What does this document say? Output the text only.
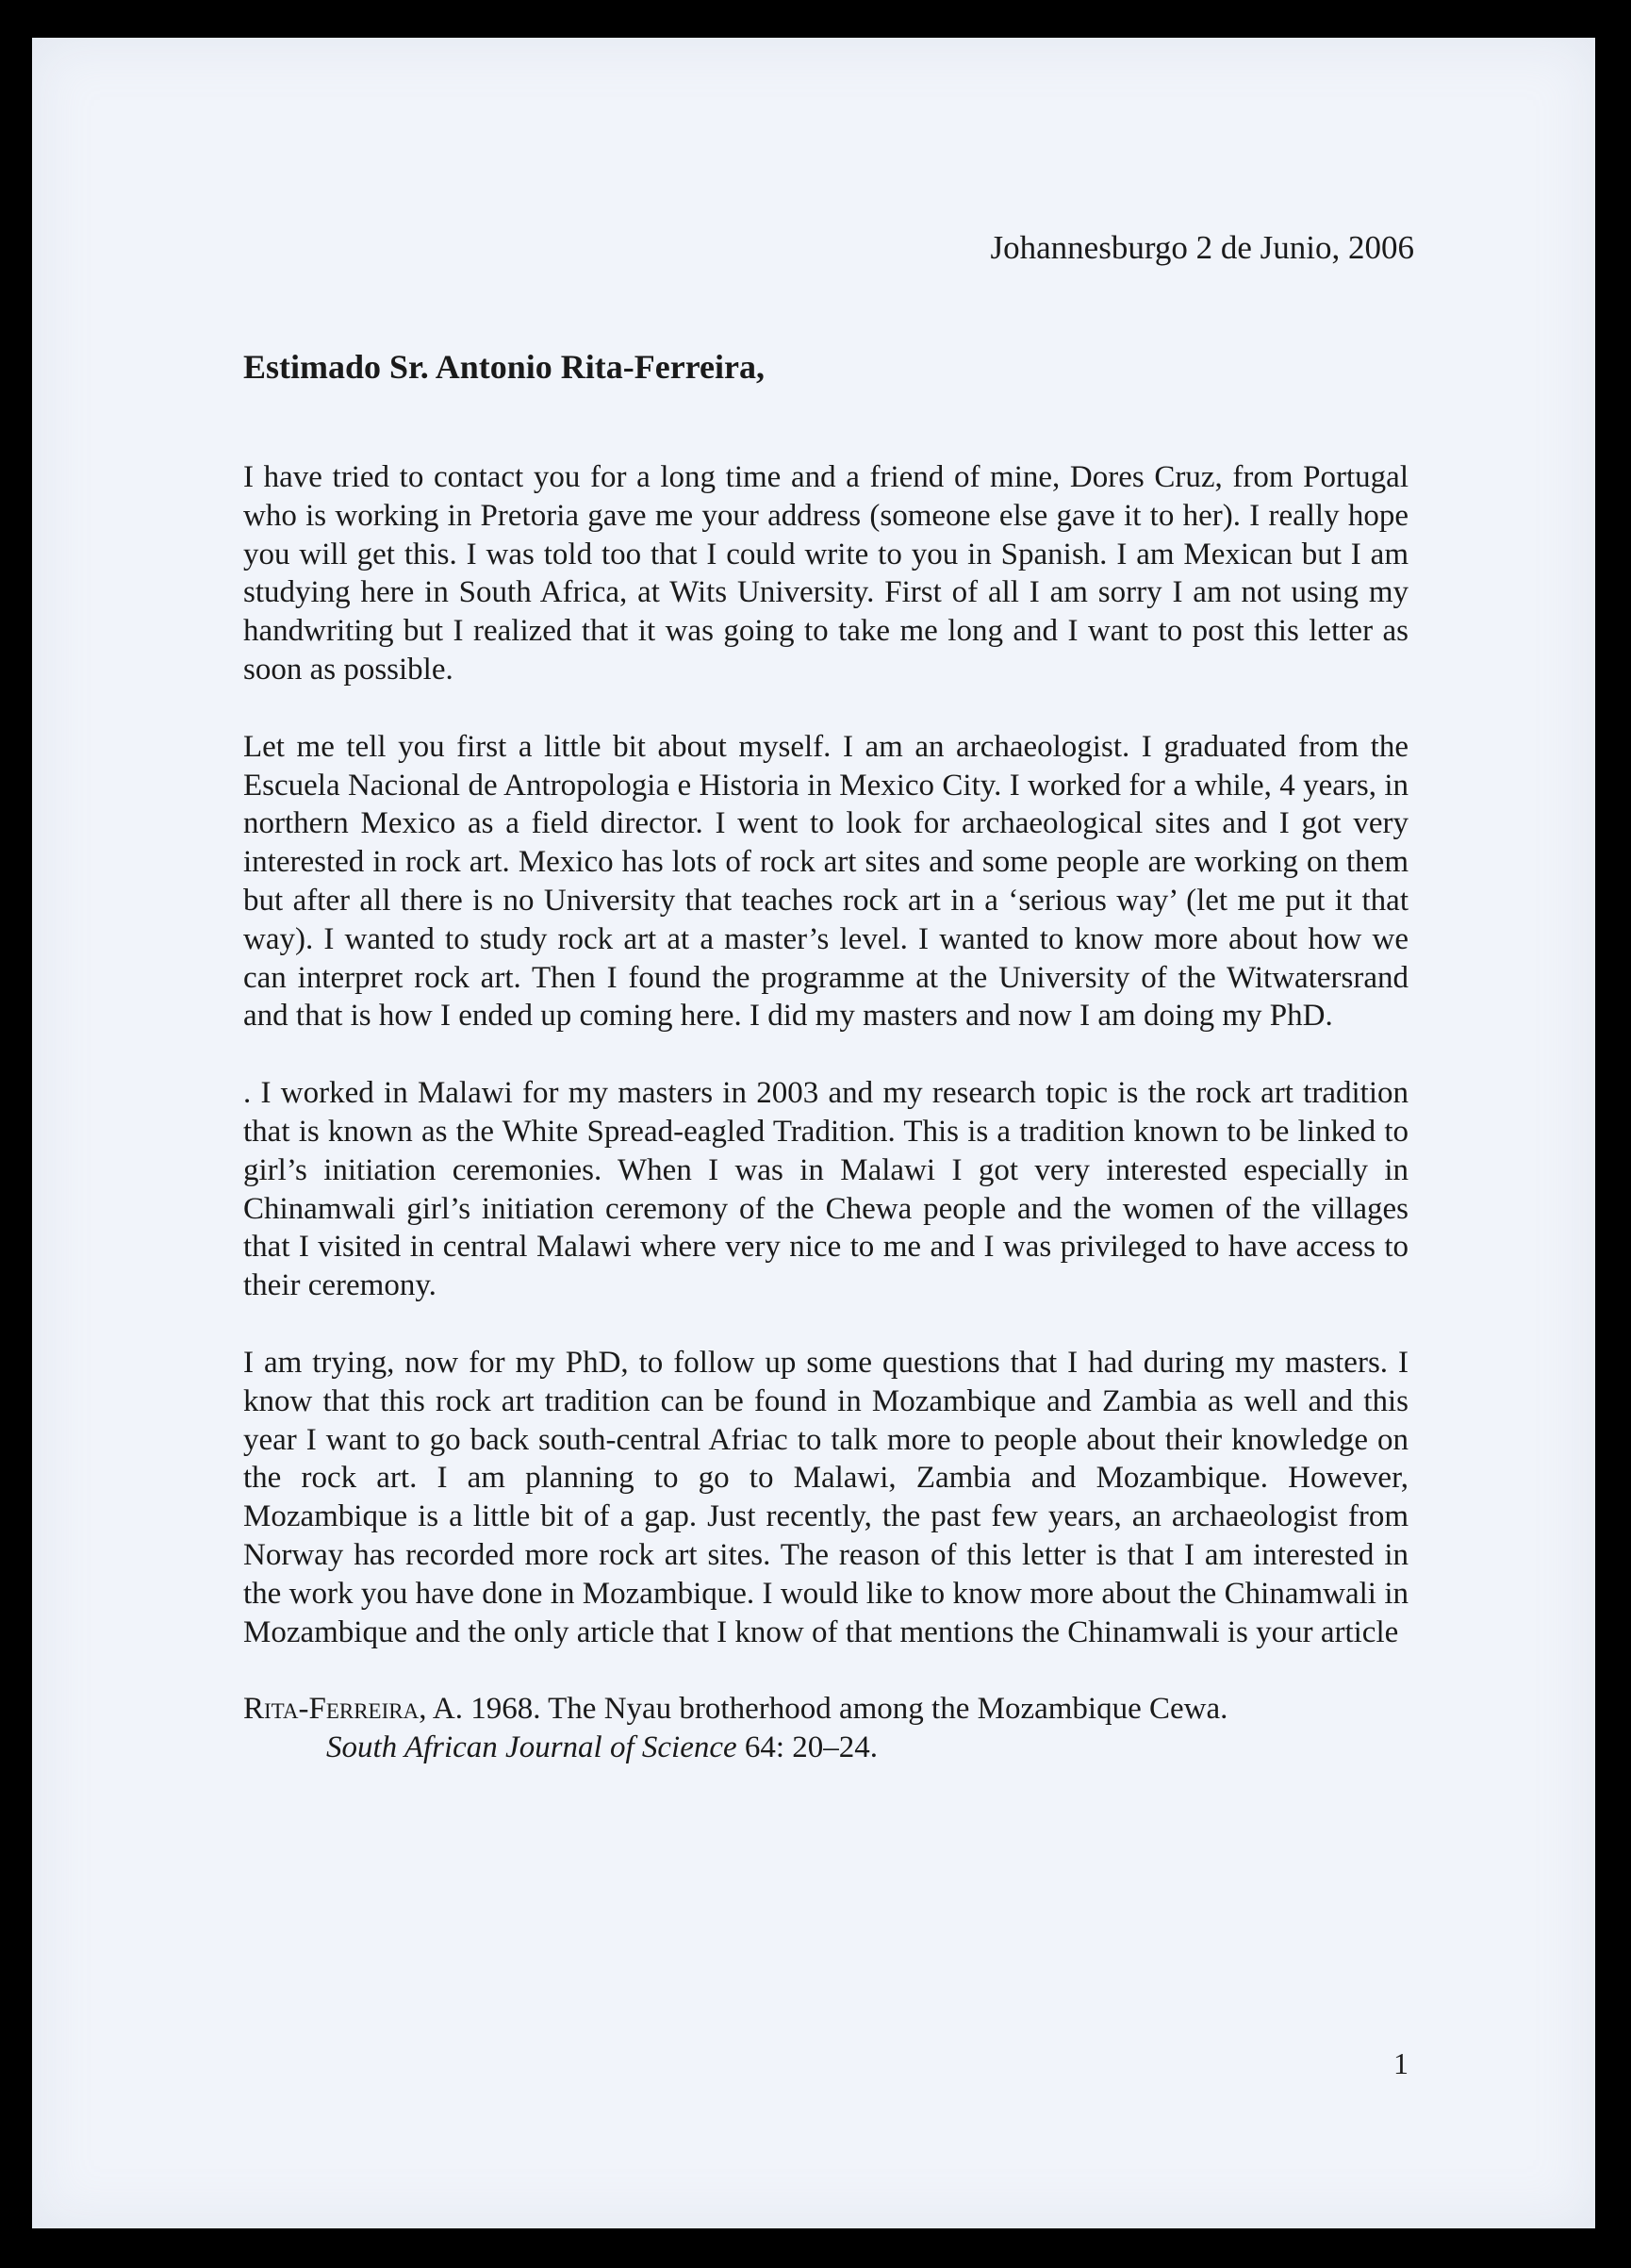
Johannesburgo 2 de Junio, 2006
Estimado Sr. Antonio Rita-Ferreira,

I have tried to contact you for a long time and a friend of mine, Dores Cruz, from Portugal who is working in Pretoria gave me your address (someone else gave it to her). I really hope you will get this. I was told too that I could write to you in Spanish. I am Mexican but I am studying here in South Africa, at Wits University. First of all I am sorry I am not using my handwriting but I realized that it was going to take me long and I want to post this letter as soon as possible.

Let me tell you first a little bit about myself. I am an archaeologist. I graduated from the Escuela Nacional de Antropologia e Historia in Mexico City. I worked for a while, 4 years, in northern Mexico as a field director. I went to look for archaeological sites and I got very interested in rock art. Mexico has lots of rock art sites and some people are working on them but after all there is no University that teaches rock art in a ‘serious way’ (let me put it that way). I wanted to study rock art at a master’s level. I wanted to know more about how we can interpret rock art. Then I found the programme at the University of the Witwatersrand and that is how I ended up coming here. I did my masters and now I am doing my PhD.

. I worked in Malawi for my masters in 2003 and my research topic is the rock art tradition that is known as the White Spread-eagled Tradition. This is a tradition known to be linked to girl’s initiation ceremonies. When I was in Malawi I got very interested especially in Chinamwali girl’s initiation ceremony of the Chewa people and the women of the villages that I visited in central Malawi where very nice to me and I was privileged to have access to their ceremony.

I am trying, now for my PhD, to follow up some questions that I had during my masters. I know that this rock art tradition can be found in Mozambique and Zambia as well and this year I want to go back south-central Afriac to talk more to people about their knowledge on the rock art. I am planning to go to Malawi, Zambia and Mozambique. However, Mozambique is a little bit of a gap. Just recently, the past few years, an archaeologist from Norway has recorded more rock art sites. The reason of this letter is that I am interested in the work you have done in Mozambique. I would like to know more about the Chinamwali in Mozambique and the only article that I know of that mentions the Chinamwali is your article

Rita-Ferreira, A. 1968. The Nyau brotherhood among the Mozambique Cewa.
South African Journal of Science 64: 20–24.

1
